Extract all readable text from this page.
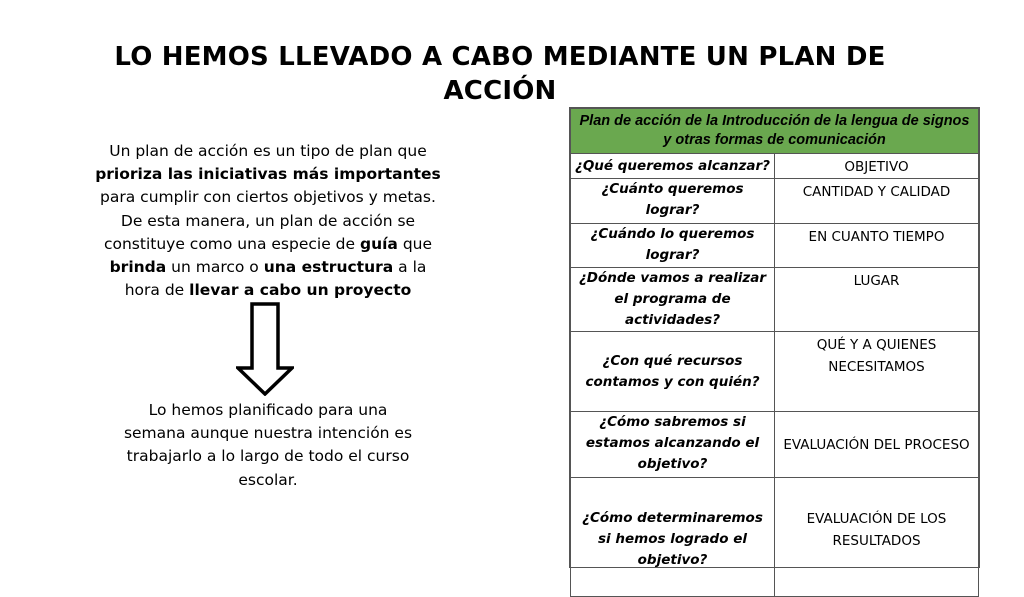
LO HEMOS LLEVADO A CABO MEDIANTE UN PLAN DE
ACCIÓN
Un plan de acción es un tipo de plan que prioriza las iniciativas más importantes para cumplir con ciertos objetivos y metas. De esta manera, un plan de acción se constituye como una especie de guía que brinda un marco o una estructura a la hora de llevar a cabo un proyecto
Lo hemos planificado para una semana aunque nuestra intención es trabajarlo a lo largo de todo el curso escolar.
Plan de acción de la Introducción de la lengua de signos y otras formas de comunicación	
¿Qué queremos alcanzar?	OBJETIVO
¿Cuánto queremos lograr?	CANTIDAD Y CALIDAD
¿Cuándo lo queremos lograr?	EN CUANTO TIEMPO
¿Dónde vamos a realizar el programa de actividades?	LUGAR
¿Con qué recursos contamos y con quién?	QUÉ Y A QUIENES NECESITAMOS
¿Cómo sabremos si estamos alcanzando el objetivo?	EVALUACIÓN DEL PROCESO
¿Cómo determinaremos si hemos logrado el objetivo?	EVALUACIÓN DE LOS RESULTADOS
